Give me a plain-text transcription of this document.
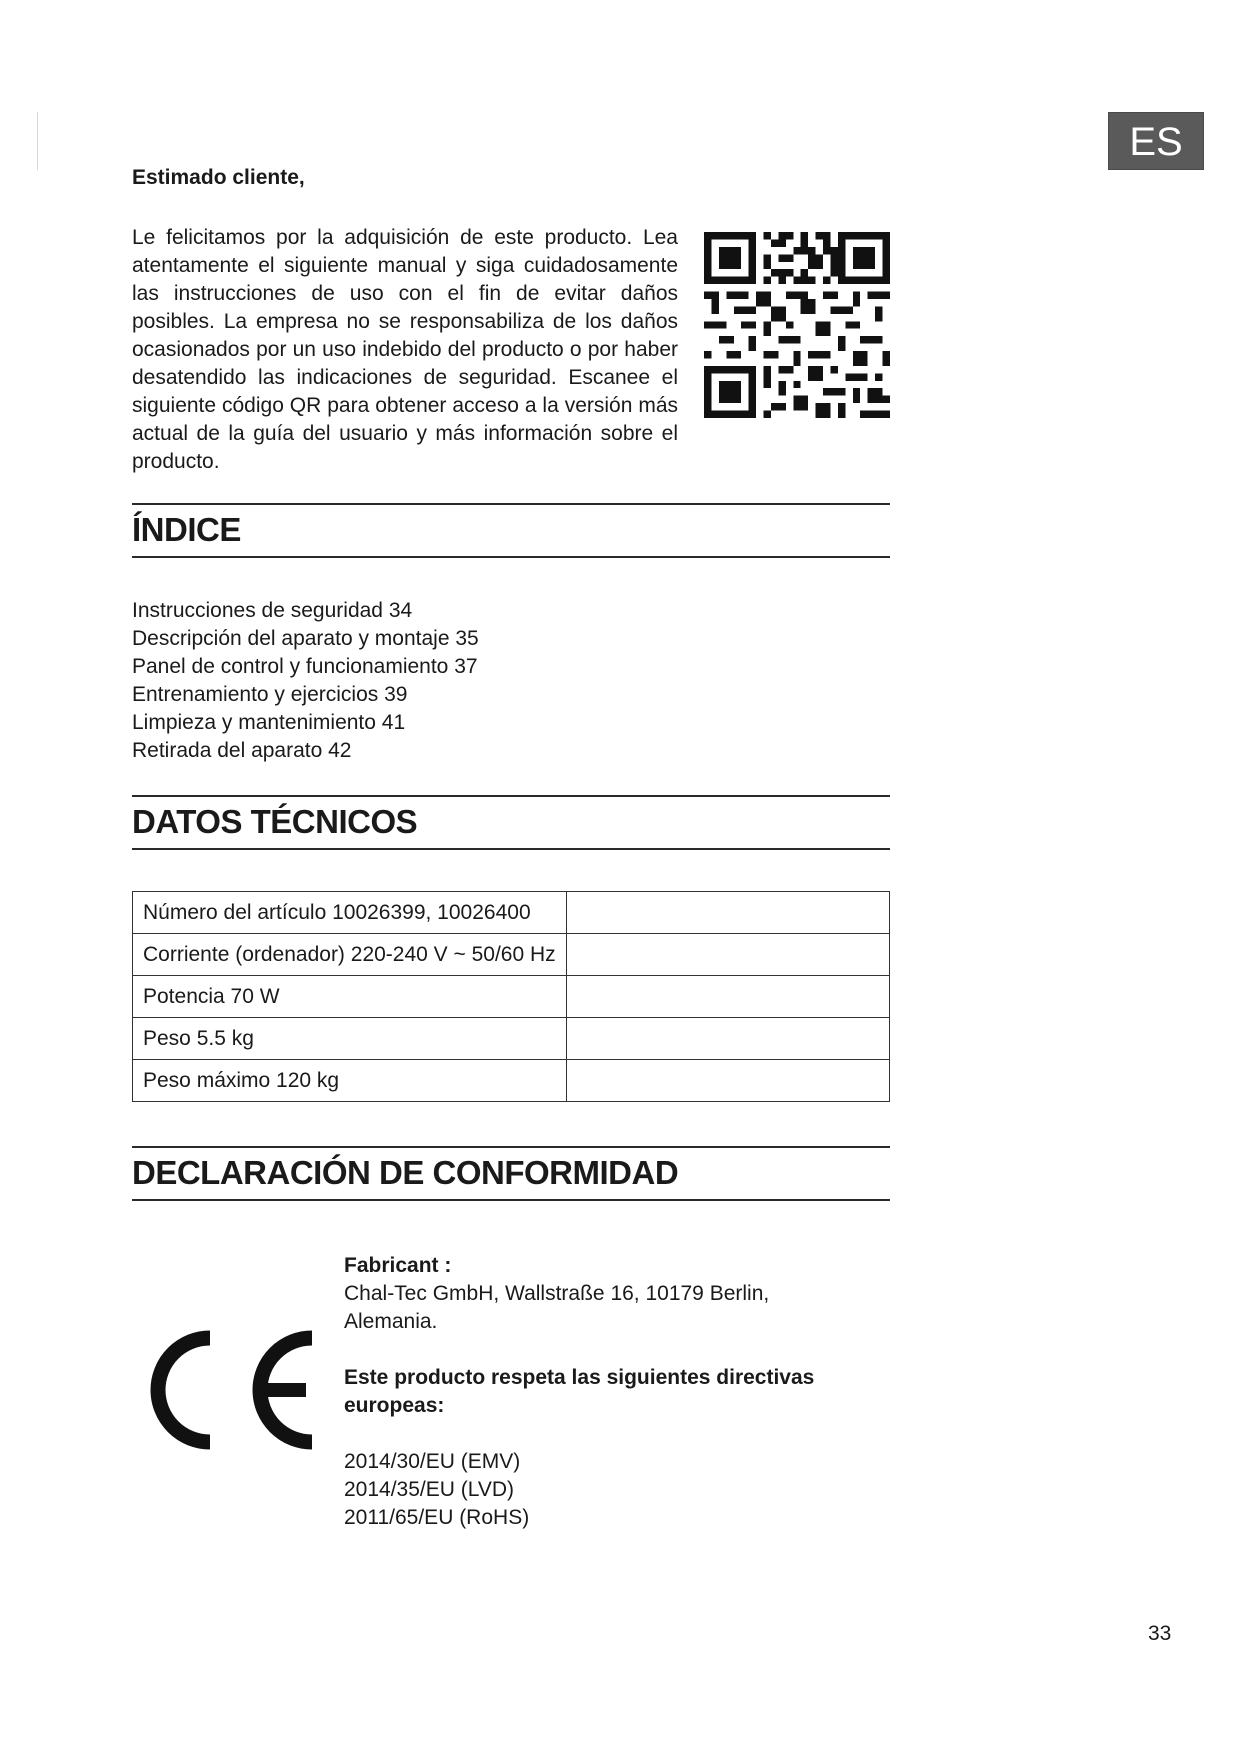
ES
Estimado cliente,

Le felicitamos por la adquisición de este producto. Lea atentamente el siguiente manual y siga cuidadosamente las instrucciones de uso con el fin de evitar daños posibles. La empresa no se responsabiliza de los daños ocasionados por un uso indebido del producto o por haber desatendido las indicaciones de seguridad. Escanee el siguiente código QR para obtener acceso a la versión más actual de la guía del usuario y más información sobre el producto.

ÍNDICE
Instrucciones de seguridad 34
Descripción del aparato y montaje 35
Panel de control y funcionamiento 37
Entrenamiento y ejercicios 39
Limpieza y mantenimiento 41
Retirada del aparato 42
DATOS TÉCNICOS
Número del artículo 10026399, 10026400	
Corriente (ordenador) 220-240 V ~ 50/60 Hz	
Potencia 70 W	
Peso 5.5 kg	
Peso máximo 120 kg	
DECLARACIÓN DE CONFORMIDAD

Fabricant :

Chal-Tec GmbH, Wallstraße 16, 10179 Berlin,

Alemania.

Este producto respeta las siguientes directivas

europeas:

2014/30/EU (EMV)

2014/35/EU (LVD)

2011/65/EU (RoHS)

33
